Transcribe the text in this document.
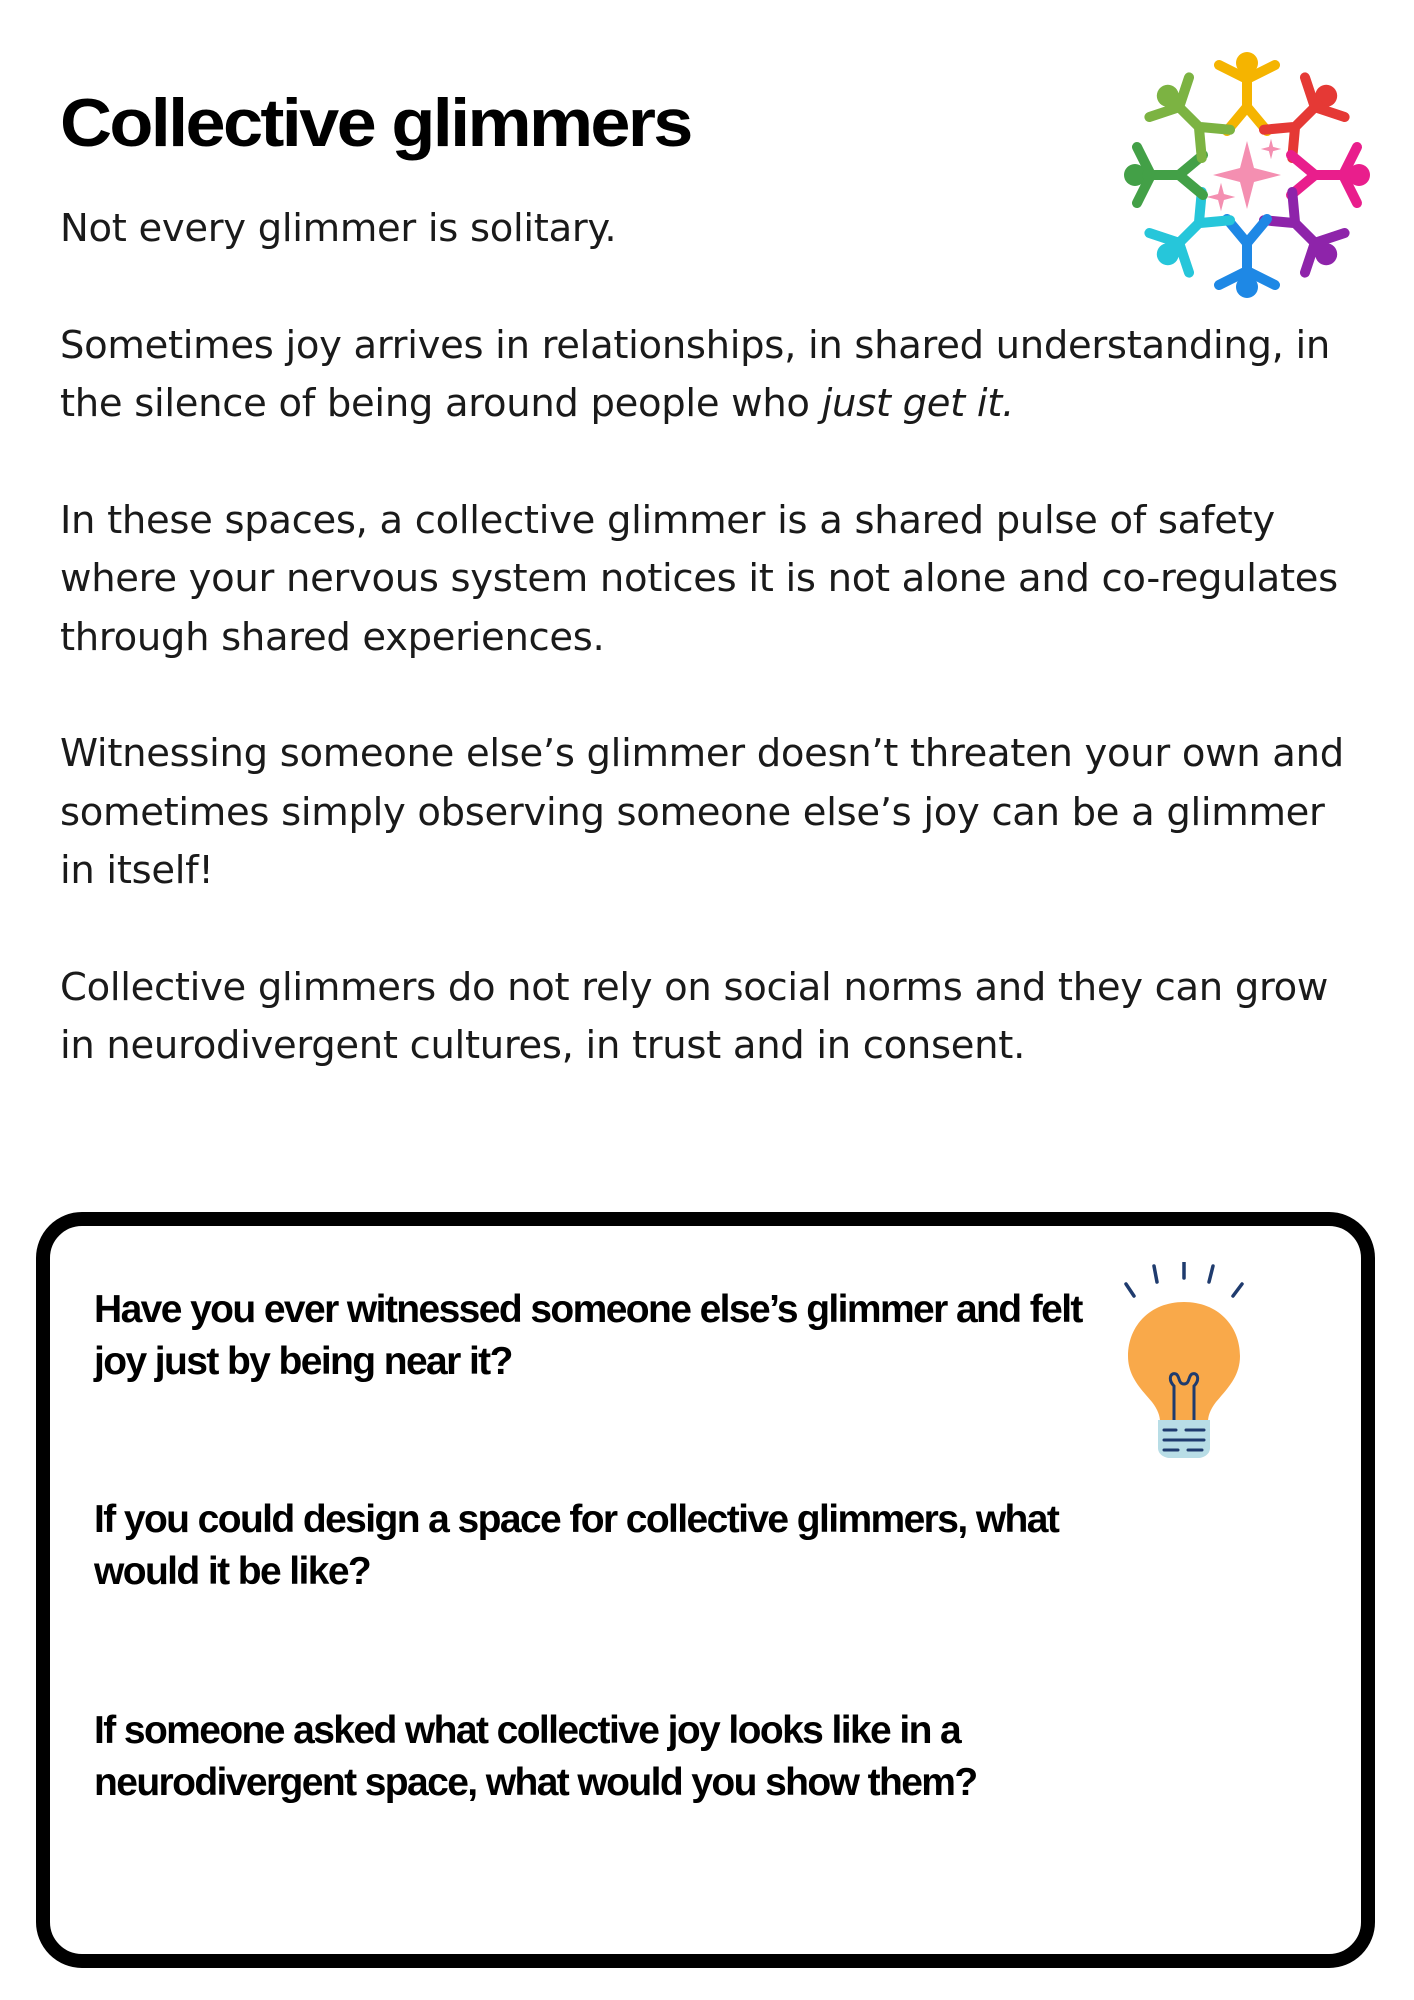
Collective glimmers

Not every glimmer is solitary.

Sometimes joy arrives in relationships, in shared understanding, in the silence of being around people who just get it.

In these spaces, a collective glimmer is a shared pulse of safety where your nervous system notices it is not alone and co-regulates through shared experiences.

Witnessing someone else’s glimmer doesn’t threaten your own and sometimes simply observing someone else’s joy can be a glimmer in itself!

Collective glimmers do not rely on social norms and they can grow in neurodivergent cultures, in trust and in consent.

Have you ever witnessed someone else’s glimmer and felt joy just by being near it?

If you could design a space for collective glimmers, what would it be like?

If someone asked what collective joy looks like in a neurodivergent space, what would you show them?
